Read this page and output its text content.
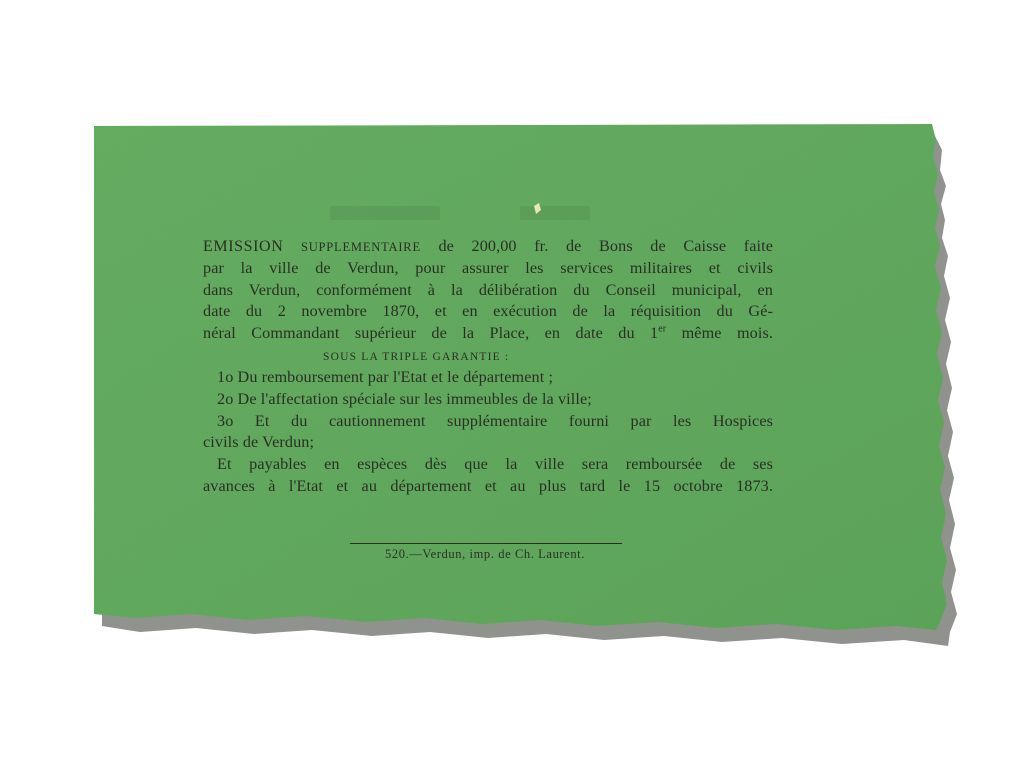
EMISSION SUPPLEMENTAIRE de 200,00 fr. de Bons de Caisse faite
par la ville de Verdun, pour assurer les services militaires et civils
dans Verdun, conformément à la délibération du Conseil municipal, en
date du 2 novembre 1870, et en exécution de la réquisition du Gé-
néral Commandant supérieur de la Place, en date du 1er même mois.
SOUS LA TRIPLE GARANTIE :
1o Du remboursement par l'Etat et le département ;
2o De l'affectation spéciale sur les immeubles de la ville;
3o Et du cautionnement supplémentaire fourni par les Hospices
civils de Verdun;
Et payables en espèces dès que la ville sera remboursée de ses
avances à l'Etat et au département et au plus tard le 15 octobre 1873.
520.—Verdun, imp. de Ch. Laurent.
